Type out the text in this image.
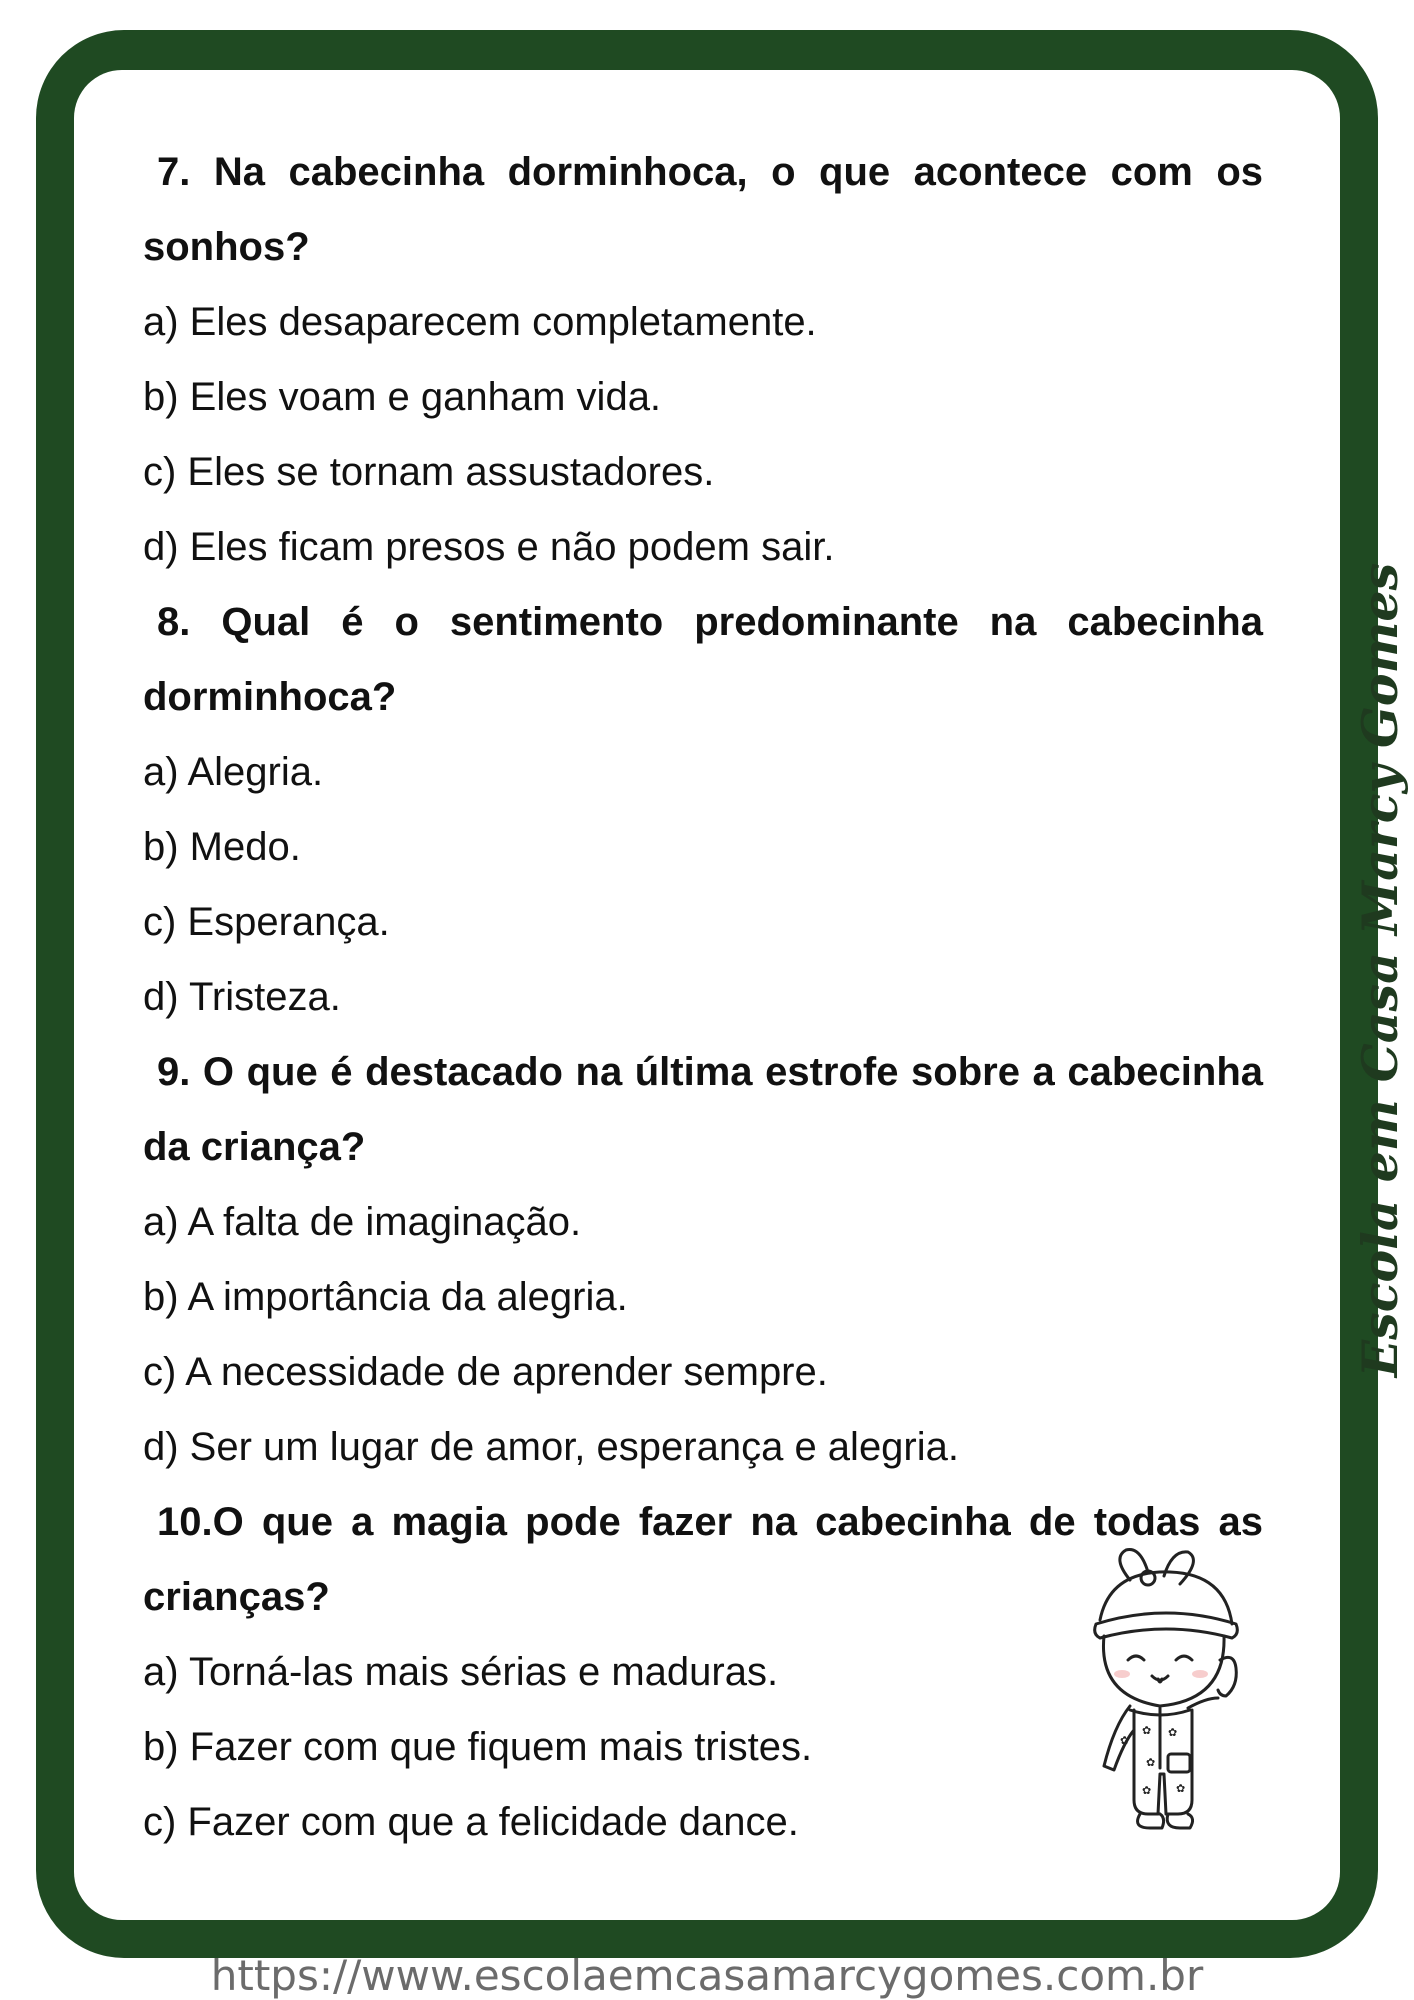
7. Na cabecinha dorminhoca, o que acontece com os sonhos?
a) Eles desaparecem completamente.
b) Eles voam e ganham vida.
c) Eles se tornam assustadores.
d) Eles ficam presos e não podem sair.
8. Qual é o sentimento predominante na cabecinha dorminhoca?
a) Alegria.
b) Medo.
c) Esperança.
d) Tristeza.
9. O que é destacado na última estrofe sobre a cabecinha da criança?
a) A falta de imaginação.
b) A importância da alegria.
c) A necessidade de aprender sempre.
d) Ser um lugar de amor, esperança e alegria.
10.O que a magia pode fazer na cabecinha de todas as crianças?
a) Torná-las mais sérias e maduras.
b) Fazer com que fiquem mais tristes.
c) Fazer com que a felicidade dance.
Escola em Casa Marcy Gomes
✿
✿
✿
✿
✿
✿
https://www.escolaemcasamarcygomes.com.br
